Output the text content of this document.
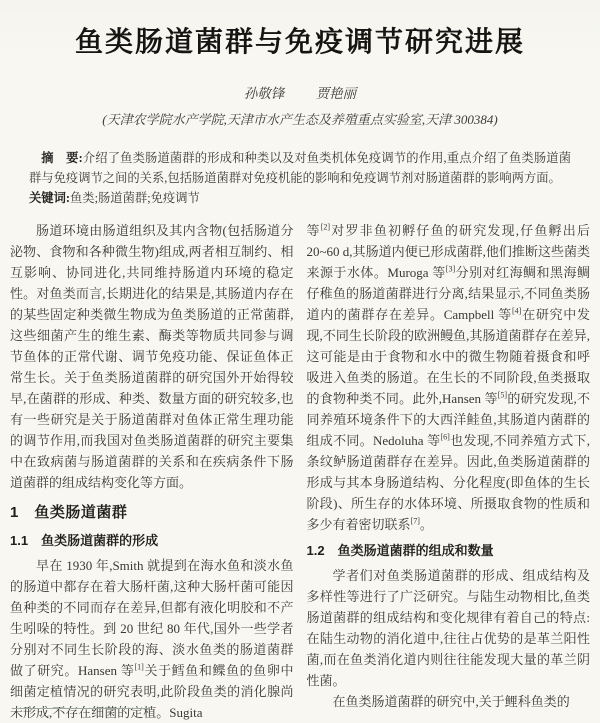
鱼类肠道菌群与免疫调节研究进展
孙敬锋 贾艳丽
(天津农学院水产学院,天津市水产生态及养殖重点实验室,天津 300384)

摘　要:介绍了鱼类肠道菌群的形成和种类以及对鱼类机体免疫调节的作用,重点介绍了鱼类肠道菌群与免疫调节之间的关系,包括肠道菌群对免疫机能的影响和免疫调节剂对肠道菌群的影响两方面。

关键词:鱼类;肠道菌群;免疫调节

肠道环境由肠道组织及其内含物(包括肠道分泌物、食物和各种微生物)组成,两者相互制约、相互影响、协同进化,共同维持肠道内环境的稳定性。对鱼类而言,长期进化的结果是,其肠道内存在的某些固定种类微生物成为鱼类肠道的正常菌群,这些细菌产生的维生素、酶类等物质共同参与调节鱼体的正常代谢、调节免疫功能、保证鱼体正常生长。关于鱼类肠道菌群的研究国外开始得较早,在菌群的形成、种类、数量方面的研究较多,也有一些研究是关于肠道菌群对鱼体正常生理功能的调节作用,而我国对鱼类肠道菌群的研究主要集中在致病菌与肠道菌群的关系和在疾病条件下肠道菌群的组成结构变化等方面。

1　鱼类肠道菌群
1.1　鱼类肠道菌群的形成

早在 1930 年,Smith 就提到在海水鱼和淡水鱼的肠道中都存在着大肠杆菌,这种大肠杆菌可能因鱼种类的不同而存在差异,但都有液化明胶和不产生吲哚的特性。到 20 世纪 80 年代,国外一些学者分别对不同生长阶段的海、淡水鱼类的肠道菌群做了研究。Hansen 等[1]关于鳕鱼和鲽鱼的鱼卵中细菌定植情况的研究表明,此阶段鱼类的消化腺尚未形成,不存在细菌的定植。Sugita

等[2]对罗非鱼初孵仔鱼的研究发现,仔鱼孵出后20~60 d,其肠道内便已形成菌群,他们推断这些菌类来源于水体。Muroga 等[3]分别对红海鲷和黑海鲷仔稚鱼的肠道菌群进行分离,结果显示,不同鱼类肠道内的菌群存在差异。Campbell 等[4]在研究中发现,不同生长阶段的欧洲鳗鱼,其肠道菌群存在差异,这可能是由于食物和水中的微生物随着摄食和呼吸进入鱼类的肠道。在生长的不同阶段,鱼类摄取的食物种类不同。此外,Hansen 等[5]的研究发现,不同养殖环境条件下的大西洋鲑鱼,其肠道内菌群的组成不同。Nedoluha 等[6]也发现,不同养殖方式下,条纹鲈肠道菌群存在差异。因此,鱼类肠道菌群的形成与其本身肠道结构、分化程度(即鱼体的生长阶段)、所生存的水体环境、所摄取食物的性质和多少有着密切联系[7]。

1.2　鱼类肠道菌群的组成和数量

学者们对鱼类肠道菌群的形成、组成结构及多样性等进行了广泛研究。与陆生动物相比,鱼类肠道菌群的组成结构和变化规律有着自己的特点:在陆生动物的消化道中,往往占优势的是革兰阳性菌,而在鱼类消化道内则往往能发现大量的革兰阴性菌。

在鱼类肠道菌群的研究中,关于鲤科鱼类的
